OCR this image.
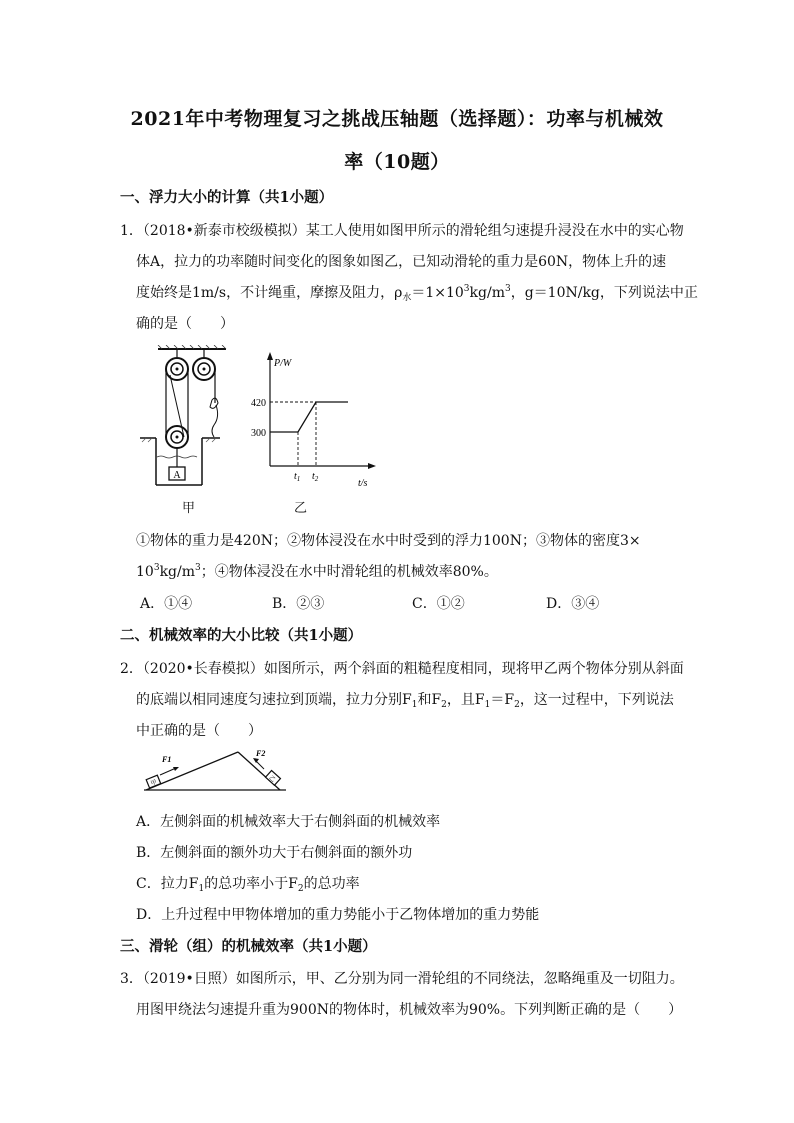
2021年中考物理复习之挑战压轴题（选择题）：功率与机械效
率（10题）
一、浮力大小的计算（共1小题）
1．（2018•新泰市校级模拟）某工人使用如图甲所示的滑轮组匀速提升浸没在水中的实心物
体A，拉力的功率随时间变化的图象如图乙，已知动滑轮的重力是60N，物体上升的速
度始终是1m/s，不计绳重，摩擦及阻力，$\rho_水=1\times 10^3kg/m^3$，g＝10N/kg，下列说法中正
确的是（　　）
A
甲
P/W
t/s
300
420
$t_1$ $t_2$
乙
①物体的重力是420N；②物体浸没在水中时受到的浮力100N；③物体的密度3×
$10^3kg/m^3$；④物体浸没在水中时滑轮组的机械效率80%。
A．①④	B．②③	C．①②	D．③④
二、机械效率的大小比较（共1小题）
2．（2020•长春模拟）如图所示，两个斜面的粗糙程度相同，现将甲乙两个物体分别从斜面
的底端以相同速度匀速拉到顶端，拉力分别$F_1$和$F_2$，且$F_1=F_2$，这一过程中，下列说法
中正确的是（　　）
甲
F1
乙
F2
A．左侧斜面的机械效率大于右侧斜面的机械效率
B．左侧斜面的额外功大于右侧斜面的额外功
C．拉力$F_1$的总功率小于$F_2$的总功率
D．上升过程中甲物体增加的重力势能小于乙物体增加的重力势能
三、滑轮（组）的机械效率（共1小题）
3．（2019•日照）如图所示，甲、乙分别为同一滑轮组的不同绕法，忽略绳重及一切阻力。
用图甲绕法匀速提升重为900N的物体时，机械效率为90%。下列判断正确的是（　　）
